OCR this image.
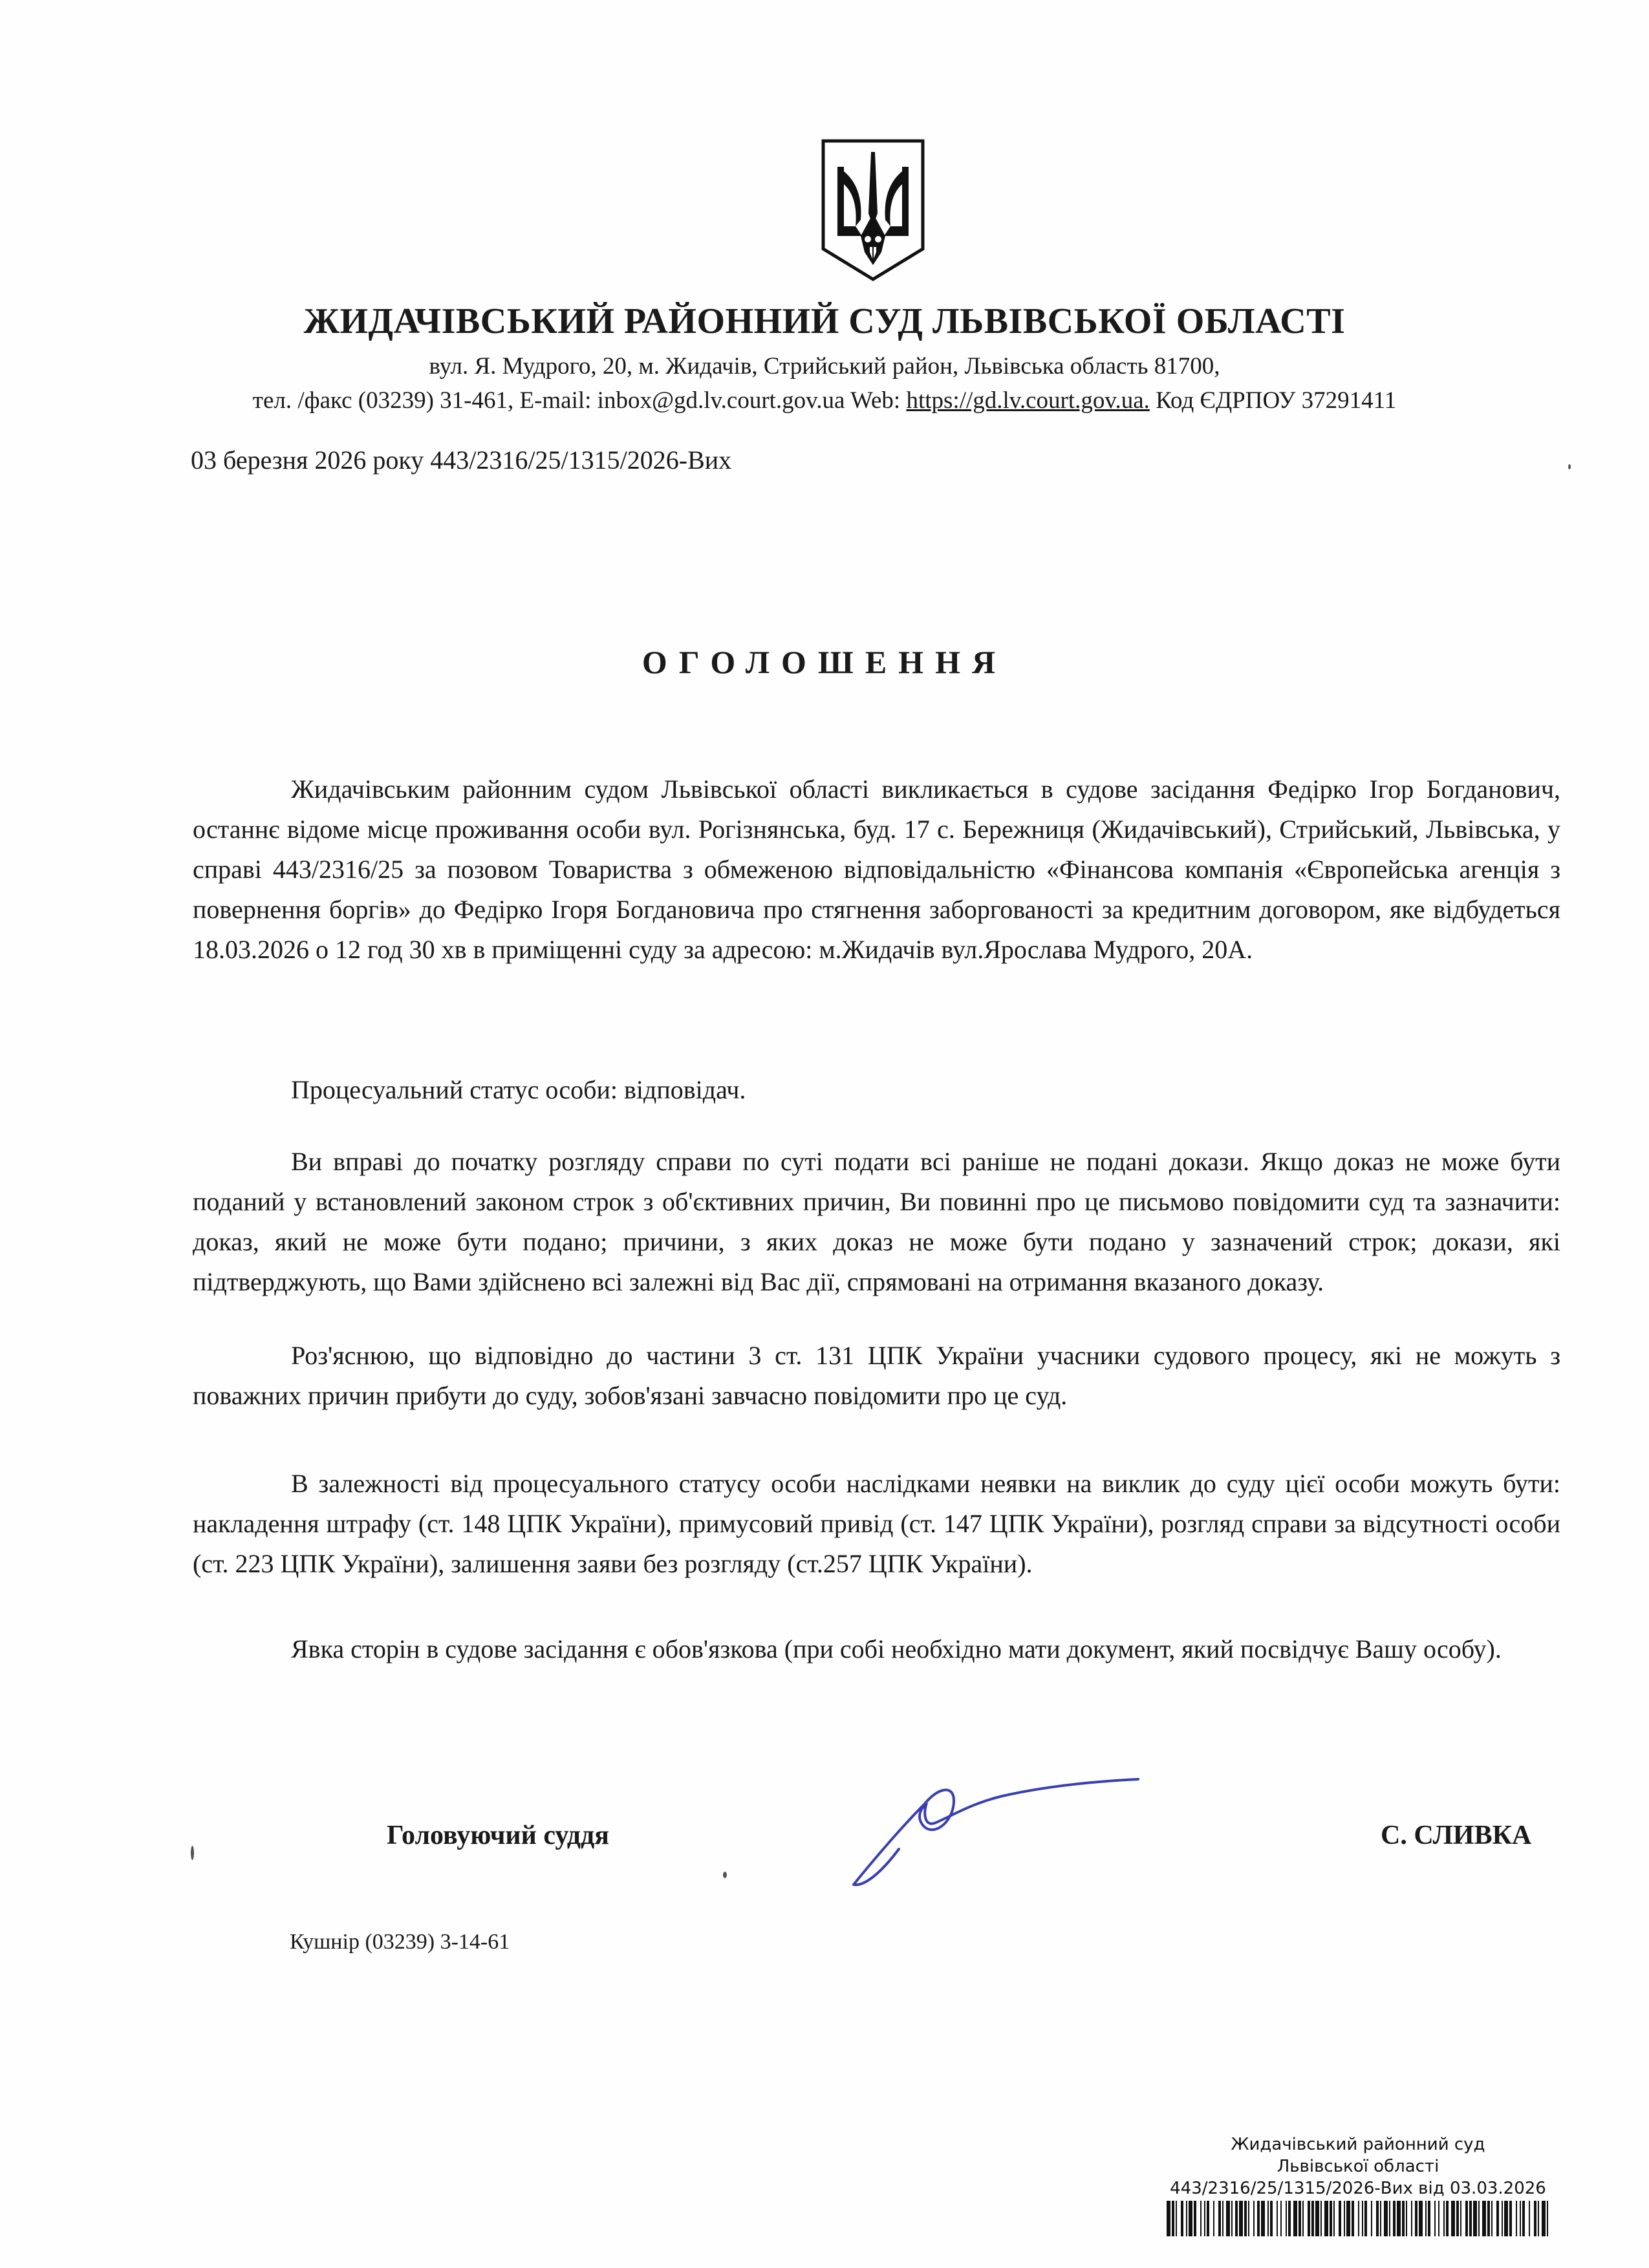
ЖИДАЧІВСЬКИЙ РАЙОННИЙ СУД ЛЬВІВСЬКОЇ ОБЛАСТІ
вул. Я. Мудрого, 20, м. Жидачів, Стрийський район, Львівська область 81700,
тел. /факс (03239) 31-461, E-mail: inbox@gd.lv.court.gov.ua Web: https://gd.lv.court.gov.ua. Код ЄДРПОУ 37291411
03 березня 2026 року 443/2316/25/1315/2026-Вих
ОГОЛОШЕННЯ

Жидачівським районним судом Львівської області викликається в судове засідання Федірко Ігор Богданович, останнє відоме місце проживання особи вул. Рогізнянська, буд. 17 с. Бережниця (Жидачівський), Стрийський, Львівська, у справі 443/2316/25 за позовом Товариства з обмеженою відповідальністю «Фінансова компанія «Європейська агенція з повернення боргів» до Федірко Ігоря Богдановича про стягнення заборгованості за кредитним договором, яке відбудеться 18.03.2026 о 12 год 30 хв в приміщенні суду за адресою: м.Жидачів вул.Ярослава Мудрого, 20А.

Процесуальний статус особи: відповідач.

Ви вправі до початку розгляду справи по суті подати всі раніше не подані докази. Якщо доказ не може бути поданий у встановлений законом строк з об'єктивних причин, Ви повинні про це письмово повідомити суд та зазначити: доказ, який не може бути подано; причини, з яких доказ не може бути подано у зазначений строк; докази, які підтверджують, що Вами здійснено всі залежні від Вас дії, спрямовані на отримання вказаного доказу.

Роз'яснюю, що відповідно до частини 3 ст. 131 ЦПК України учасники судового процесу, які не можуть з поважних причин прибути до суду, зобов'язані завчасно повідомити про це суд.

В залежності від процесуального статусу особи наслідками неявки на виклик до суду цієї особи можуть бути: накладення штрафу (ст. 148 ЦПК України), примусовий привід (ст. 147 ЦПК України), розгляд справи за відсутності особи (ст. 223 ЦПК України), залишення заяви без розгляду (ст.257 ЦПК України).

Явка сторін в судове засідання є обов'язкова (при собі необхідно мати документ, який посвідчує Вашу особу).

Головуючий суддя	С. СЛИВКА
Кушнір (03239) 3-14-61
Жидачівський районний суд
Львівської області
443/2316/25/1315/2026-Вих від 03.03.2026
